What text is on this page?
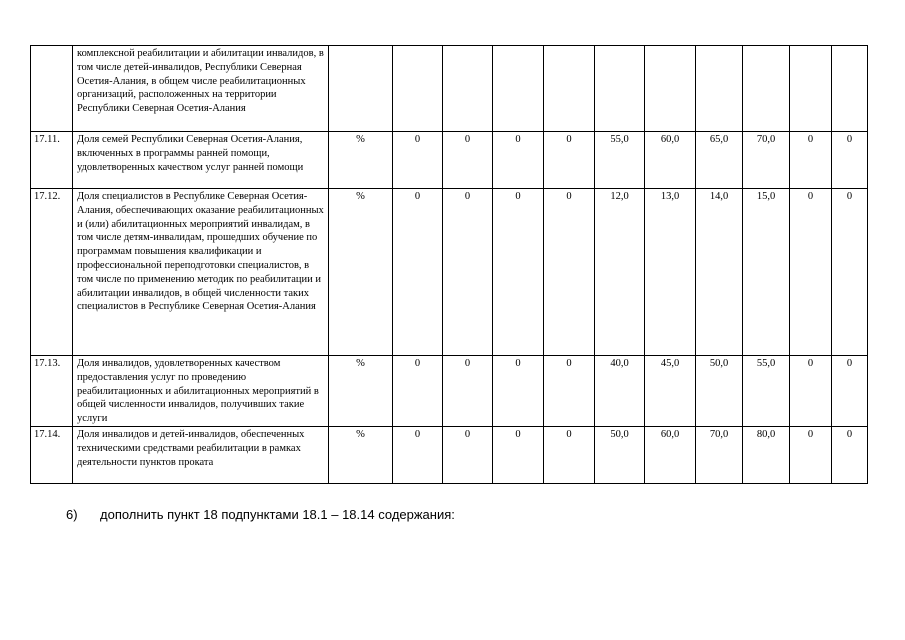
	комплексной реабилитации и абилитации инвалидов, в том числе детей-инвалидов, Республики Северная Осетия-Алания, в общем числе реабилитационных организаций, расположенных на территории Республики Северная Осетия-Алания											
17.11.	Доля семей Республики Северная Осетия-Алания, включенных в программы ранней помощи, удовлетворенных качеством услуг ранней помощи	%	0	0	0	0	55,0	60,0	65,0	70,0	0	0
17.12.	Доля специалистов в Республике Северная Осетия-Алания, обеспечивающих оказание реабилитационных и (или) абилитационных мероприятий инвалидам, в том числе детям-инвалидам, прошедших обучение по программам повышения квалификации и профессиональной переподготовки специалистов, в том числе по применению методик по реабилитации и абилитации инвалидов, в общей численности таких специалистов в Республике Северная Осетия-Алания	%	0	0	0	0	12,0	13,0	14,0	15,0	0	0
17.13.	Доля инвалидов, удовлетворенных качеством предоставления услуг по проведению реабилитационных и абилитационных мероприятий в общей численности инвалидов, получивших такие услуги	%	0	0	0	0	40,0	45,0	50,0	55,0	0	0
17.14.	Доля инвалидов и детей-инвалидов, обеспеченных техническими средствами реабилитации в рамках деятельности пунктов проката	%	0	0	0	0	50,0	60,0	70,0	80,0	0	0
6) дополнить пункт 18 подпунктами 18.1 – 18.14 содержания:
